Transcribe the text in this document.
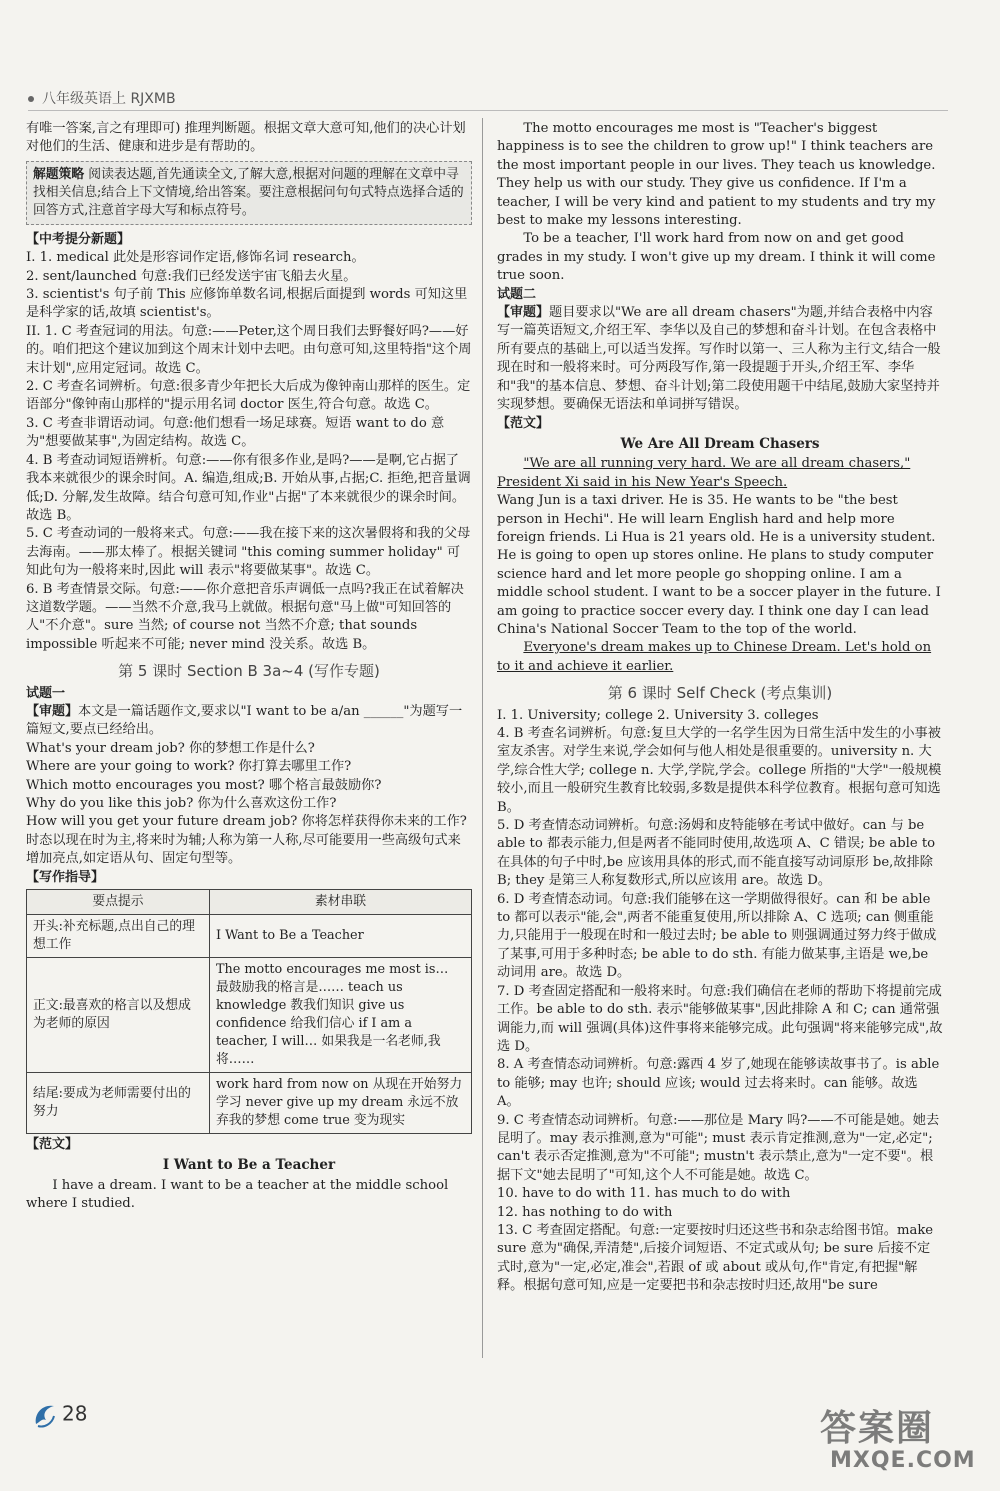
八年级英语上 RJXMB

有唯一答案,言之有理即可) 推理判断题。根据文章大意可知,他们的决心计划对他们的生活、健康和进步是有帮助的。

解题策略 阅读表达题,首先通读全文,了解大意,根据对问题的理解在文章中寻找相关信息;结合上下文情境,给出答案。要注意根据问句句式特点选择合适的回答方式,注意首字母大写和标点符号。

【中考提分新题】

I. 1. medical 此处是形容词作定语,修饰名词 research。

2. sent/launched 句意:我们已经发送宇宙飞船去火星。

3. scientist's 句子前 This 应修饰单数名词,根据后面提到 words 可知这里是科学家的话,故填 scientist's。

II. 1. C 考查冠词的用法。句意:——Peter,这个周日我们去野餐好吗?——好的。咱们把这个建议加到这个周末计划中去吧。由句意可知,这里特指"这个周末计划",应用定冠词。故选 C。

2. C 考查名词辨析。句意:很多青少年把长大后成为像钟南山那样的医生。定语部分"像钟南山那样的"提示用名词 doctor 医生,符合句意。故选 C。

3. C 考查非谓语动词。句意:他们想看一场足球赛。短语 want to do 意为"想要做某事",为固定结构。故选 C。

4. B 考查动词短语辨析。句意:——你有很多作业,是吗?——是啊,它占据了我本来就很少的课余时间。A. 编造,组成;B. 开始从事,占据;C. 拒绝,把音量调低;D. 分解,发生故障。结合句意可知,作业"占据"了本来就很少的课余时间。故选 B。

5. C 考查动词的一般将来式。句意:——我在接下来的这次暑假将和我的父母去海南。——那太棒了。根据关键词 "this coming summer holiday" 可知此句为一般将来时,因此 will 表示"将要做某事"。故选 C。

6. B 考查情景交际。句意:——你介意把音乐声调低一点吗?我正在试着解决这道数学题。——当然不介意,我马上就做。根据句意"马上做"可知回答的人"不介意"。sure 当然; of course not 当然不介意; that sounds impossible 听起来不可能; never mind 没关系。故选 B。

第 5 课时 Section B 3a~4 (写作专题)

试题一

【审题】本文是一篇话题作文,要求以"I want to be a/an ______"为题写一篇短文,要点已经给出。

What's your dream job? 你的梦想工作是什么?

Where are your going to work? 你打算去哪里工作?

Which motto encourages you most? 哪个格言最鼓励你?

Why do you like this job? 你为什么喜欢这份工作?

How will you get your future dream job? 你将怎样获得你未来的工作?

时态以现在时为主,将来时为辅;人称为第一人称,尽可能要用一些高级句式来增加亮点,如定语从句、固定句型等。

【写作指导】

要点提示	素材串联
开头:补充标题,点出自己的理想工作	I Want to Be a Teacher
正文:最喜欢的格言以及想成为老师的原因	The motto encourages me most is… 最鼓励我的格言是…… teach us knowledge 教我们知识 give us confidence 给我们信心 if I am a teacher, I will… 如果我是一名老师,我将……
结尾:要成为老师需要付出的努力	work hard from now on 从现在开始努力学习 never give up my dream 永远不放弃我的梦想 come true 变为现实

【范文】

I Want to Be a Teacher

I have a dream. I want to be a teacher at the middle school where I studied.

The motto encourages me most is "Teacher's biggest happiness is to see the children to grow up!" I think teachers are the most important people in our lives. They teach us knowledge. They help us with our study. They give us confidence. If I'm a teacher, I will be very kind and patient to my students and try my best to make my lessons interesting.

To be a teacher, I'll work hard from now on and get good grades in my study. I won't give up my dream. I think it will come true soon.

试题二

【审题】题目要求以"We are all dream chasers"为题,并结合表格中内容写一篇英语短文,介绍王军、李华以及自己的梦想和奋斗计划。在包含表格中所有要点的基础上,可以适当发挥。写作时以第一、三人称为主行文,结合一般现在时和一般将来时。可分两段写作,第一段提题于开头,介绍王军、李华和"我"的基本信息、梦想、奋斗计划;第二段使用题干中结尾,鼓励大家坚持并实现梦想。要确保无语法和单词拼写错误。

【范文】

We Are All Dream Chasers

"We are all running very hard. We are all dream chasers," President Xi said in his New Year's Speech.

Wang Jun is a taxi driver. He is 35. He wants to be "the best person in Hechi". He will learn English hard and help more foreign friends. Li Hua is 21 years old. He is a university student. He is going to open up stores online. He plans to study computer science hard and let more people go shopping online. I am a middle school student. I want to be a soccer player in the future. I am going to practice soccer every day. I think one day I can lead China's National Soccer Team to the top of the world.

Everyone's dream makes up to Chinese Dream. Let's hold on to it and achieve it earlier.

第 6 课时 Self Check (考点集训)

I. 1. University; college 2. University 3. colleges

4. B 考查名词辨析。句意:复旦大学的一名学生因为日常生活中发生的小事被室友杀害。对学生来说,学会如何与他人相处是很重要的。university n. 大学,综合性大学; college n. 大学,学院,学会。college 所指的"大学"一般规模较小,而且一般研究生教育比较弱,多数是提供本科学位教育。根据句意可知选 B。

5. D 考查情态动词辨析。句意:汤姆和皮特能够在考试中做好。can 与 be able to 都表示能力,但是两者不能同时使用,故选项 A、C 错误; be able to 在具体的句子中时,be 应该用具体的形式,而不能直接写动词原形 be,故排除 B; they 是第三人称复数形式,所以应该用 are。故选 D。

6. D 考查情态动词。句意:我们能够在这一学期做得很好。can 和 be able to 都可以表示"能,会",两者不能重复使用,所以排除 A、C 选项; can 侧重能力,只能用于一般现在时和一般过去时; be able to 则强调通过努力终于做成了某事,可用于多种时态; be able to do sth. 有能力做某事,主语是 we,be 动词用 are。故选 D。

7. D 考查固定搭配和一般将来时。句意:我们确信在老师的帮助下将提前完成工作。be able to do sth. 表示"能够做某事",因此排除 A 和 C; can 通常强调能力,而 will 强调(具体)这件事将来能够完成。此句强调"将来能够完成",故选 D。

8. A 考查情态动词辨析。句意:露西 4 岁了,她现在能够读故事书了。is able to 能够; may 也许; should 应该; would 过去将来时。can 能够。故选 A。

9. C 考查情态动词辨析。句意:——那位是 Mary 吗?——不可能是她。她去昆明了。may 表示推测,意为"可能"; must 表示肯定推测,意为"一定,必定"; can't 表示否定推测,意为"不可能"; mustn't 表示禁止,意为"一定不要"。根据下文"她去昆明了"可知,这个人不可能是她。故选 C。

10. have to do with 11. has much to do with

12. has nothing to do with

13. C 考查固定搭配。句意:一定要按时归还这些书和杂志给图书馆。make sure 意为"确保,弄清楚",后接介词短语、不定式或从句; be sure 后接不定式时,意为"一定,必定,准会",若跟 of 或 about 或从句,作"肯定,有把握"解释。根据句意可知,应是一定要把书和杂志按时归还,故用"be sure

28	答案圈
MXQE.COM
